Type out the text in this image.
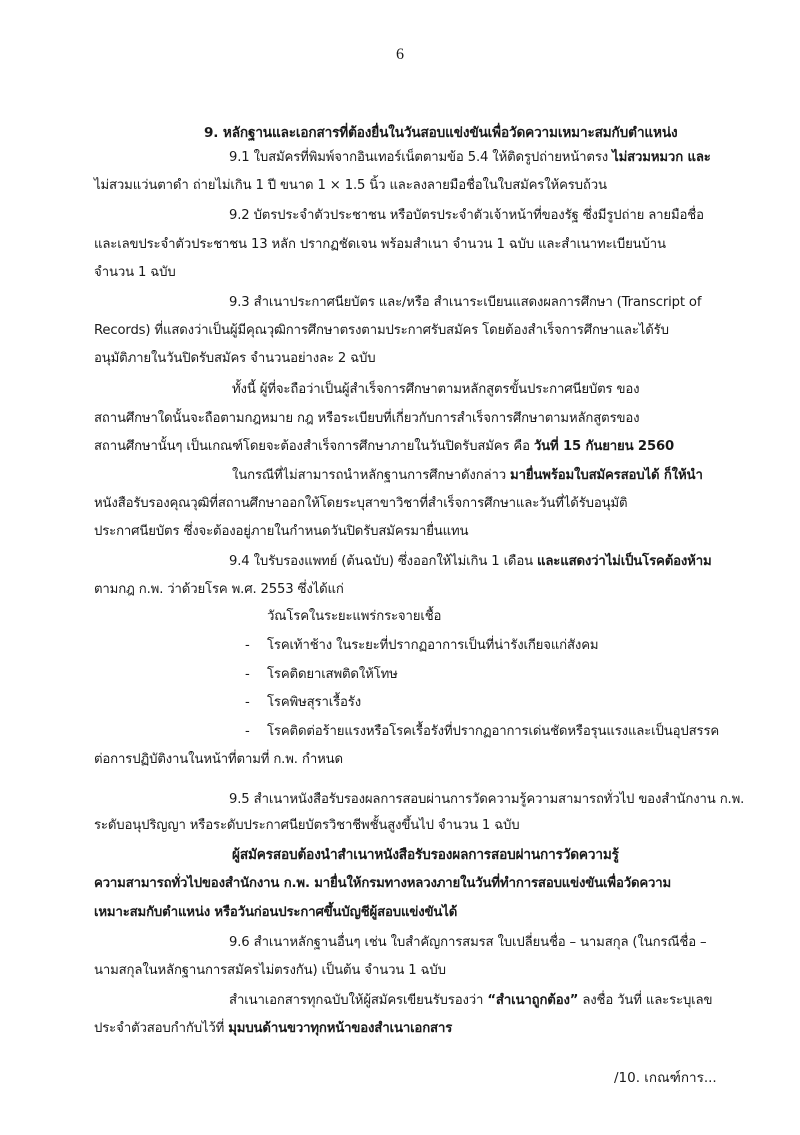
6
9. หลักฐานและเอกสารที่ต้องยื่นในวันสอบแข่งขันเพื่อวัดความเหมาะสมกับตำแหน่ง
9.1 ใบสมัครที่พิมพ์จากอินเทอร์เน็ตตามข้อ 5.4 ให้ติดรูปถ่ายหน้าตรง ไม่สวมหมวก และ
ไม่สวมแว่นตาดำ ถ่ายไม่เกิน 1 ปี ขนาด 1 × 1.5 นิ้ว และลงลายมือชื่อในใบสมัครให้ครบถ้วน
9.2 บัตรประจำตัวประชาชน หรือบัตรประจำตัวเจ้าหน้าที่ของรัฐ ซึ่งมีรูปถ่าย ลายมือชื่อ
และเลขประจำตัวประชาชน 13 หลัก ปรากฏชัดเจน พร้อมสำเนา จำนวน 1 ฉบับ และสำเนาทะเบียนบ้าน
จำนวน 1 ฉบับ
9.3 สำเนาประกาศนียบัตร และ/หรือ สำเนาระเบียนแสดงผลการศึกษา (Transcript of
Records) ที่แสดงว่าเป็นผู้มีคุณวุฒิการศึกษาตรงตามประกาศรับสมัคร โดยต้องสำเร็จการศึกษาและได้รับ
อนุมัติภายในวันปิดรับสมัคร จำนวนอย่างละ 2 ฉบับ
ทั้งนี้ ผู้ที่จะถือว่าเป็นผู้สำเร็จการศึกษาตามหลักสูตรขั้นประกาศนียบัตร ของ
สถานศึกษาใดนั้นจะถือตามกฎหมาย กฎ หรือระเบียบที่เกี่ยวกับการสำเร็จการศึกษาตามหลักสูตรของ
สถานศึกษานั้นๆ เป็นเกณฑ์โดยจะต้องสำเร็จการศึกษาภายในวันปิดรับสมัคร คือ วันที่ 15 กันยายน 2560
ในกรณีที่ไม่สามารถนำหลักฐานการศึกษาดังกล่าว มายื่นพร้อมใบสมัครสอบได้ ก็ให้นำ
หนังสือรับรองคุณวุฒิที่สถานศึกษาออกให้โดยระบุสาขาวิชาที่สำเร็จการศึกษาและวันที่ได้รับอนุมัติ
ประกาศนียบัตร ซึ่งจะต้องอยู่ภายในกำหนดวันปิดรับสมัครมายื่นแทน
9.4 ใบรับรองแพทย์ (ต้นฉบับ) ซึ่งออกให้ไม่เกิน 1 เดือน และแสดงว่าไม่เป็นโรคต้องห้าม
ตามกฎ ก.พ. ว่าด้วยโรค พ.ศ. 2553 ซึ่งได้แก่
วัณโรคในระยะแพร่กระจายเชื้อ
- โรคเท้าช้าง ในระยะที่ปรากฏอาการเป็นที่น่ารังเกียจแก่สังคม
- โรคติดยาเสพติดให้โทษ
- โรคพิษสุราเรื้อรัง
- โรคติดต่อร้ายแรงหรือโรคเรื้อรังที่ปรากฏอาการเด่นชัดหรือรุนแรงและเป็นอุปสรรค
ต่อการปฏิบัติงานในหน้าที่ตามที่ ก.พ. กำหนด
9.5 สำเนาหนังสือรับรองผลการสอบผ่านการวัดความรู้ความสามารถทั่วไป ของสำนักงาน ก.พ.
ระดับอนุปริญญา หรือระดับประกาศนียบัตรวิชาชีพชั้นสูงขึ้นไป จำนวน 1 ฉบับ
ผู้สมัครสอบต้องนำสำเนาหนังสือรับรองผลการสอบผ่านการวัดความรู้
ความสามารถทั่วไปของสำนักงาน ก.พ. มายื่นให้กรมทางหลวงภายในวันที่ทำการสอบแข่งขันเพื่อวัดความ
เหมาะสมกับตำแหน่ง หรือวันก่อนประกาศขึ้นบัญชีผู้สอบแข่งขันได้
9.6 สำเนาหลักฐานอื่นๆ เช่น ใบสำคัญการสมรส ใบเปลี่ยนชื่อ – นามสกุล (ในกรณีชื่อ –
นามสกุลในหลักฐานการสมัครไม่ตรงกัน) เป็นต้น จำนวน 1 ฉบับ
สำเนาเอกสารทุกฉบับให้ผู้สมัครเขียนรับรองว่า “สำเนาถูกต้อง” ลงชื่อ วันที่ และระบุเลข
ประจำตัวสอบกำกับไว้ที่ มุมบนด้านขวาทุกหน้าของสำเนาเอกสาร
/10. เกณฑ์การ...
